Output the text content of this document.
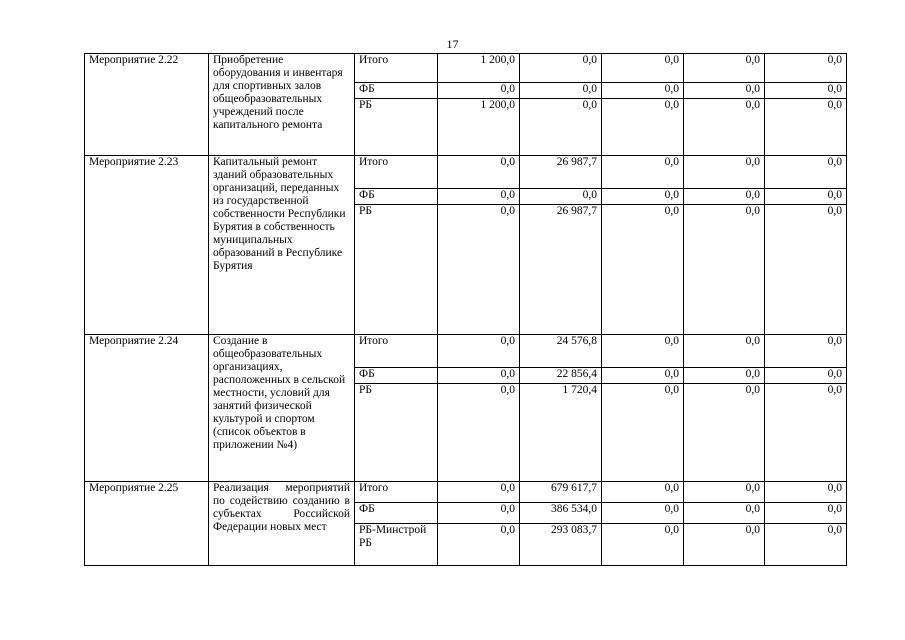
17
Мероприятие 2.22	Приобретение оборудования и инвентаря для спортивных залов общеобразовательных учреждений после капитального ремонта	Итого	1 200,0	0,0	0,0	0,0	0,0
		ФБ	0,0	0,0	0,0	0,0	0,0
		РБ	1 200,0	0,0	0,0	0,0	0,0
Мероприятие 2.23	Капитальный ремонт зданий образовательных организаций, переданных из государственной собственности Республики Бурятия в собственность муниципальных образований в Республике Бурятия	Итого	0,0	26 987,7	0,0	0,0	0,0
		ФБ	0,0	0,0	0,0	0,0	0,0
		РБ	0,0	26 987,7	0,0	0,0	0,0
Мероприятие 2.24	Создание в общеобразовательных организациях, расположенных в сельской местности, условий для занятий физической культурой и спортом (список объектов в приложении №4)	Итого	0,0	24 576,8	0,0	0,0	0,0
		ФБ	0,0	22 856,4	0,0	0,0	0,0
		РБ	0,0	1 720,4	0,0	0,0	0,0
Мероприятие 2.25	Реализация мероприятий по содействию созданию в субъектах Российской Федерации новых мест	Итого	0,0	679 617,7	0,0	0,0	0,0
		ФБ	0,0	386 534,0	0,0	0,0	0,0
		РБ-Минстрой РБ	0,0	293 083,7	0,0	0,0	0,0
